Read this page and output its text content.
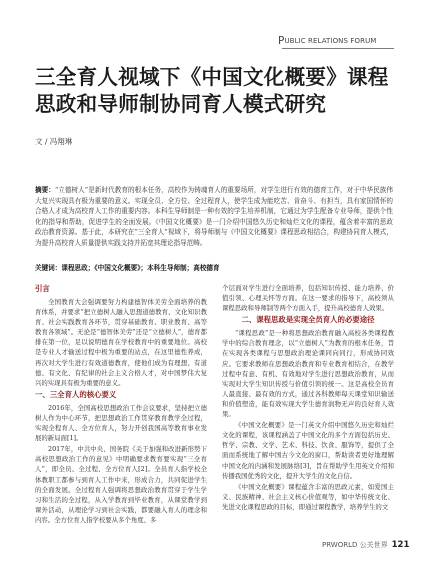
PUBLIC RELATIONS FORUM
三全育人视域下《中国文化概要》课程思政和导师制协同育人模式研究
文 / 冯翔琳

摘要：“立德树人”是新时代教育的根本任务，高校作为铸魂育人的重要场所，对学生进行有效的德育工作，对于中华民族伟大复兴实现具有极为重要的意义。实现全员、全方位、全过程育人，使学生成为能吃苦、肯奋斗、有担当，具有家国情怀的合格人才成为高校育人工作的重要内容。本科生导师制是一种有效的学生培养机制，它通过为学生配备专业导师，提供个性化的指导和帮助，促进学生的全面发展。《中国文化概要》是一门介绍中国悠久历史和灿烂文化的课程，蕴含着丰富的思政政治教育资源。基于此，本研究在“三全育人”视域下，将导师制与《中国文化概要》课程思政相结合，构建协同育人模式，为提升高校育人质量提供实践支持并拓宽其理论指导范畴。

关键词：课程思政；《中国文化概要》；本科生导师制；高校德育
引言

全国教育大会强调要努力构建德智体美劳全面培养的教育体系，并要求“把立德树人融入思想道德教育、文化知识教育、社会实践教育各环节，贯穿基础教育、职业教育、高等教育各领域”。无论是“德智体美劳”还是“立德树人”，德育都排在第一位，足以说明德育在学校教育中的重要地位。高校是专业人才输送过程中极为重要的站点，在这里德性养成，再次对大学生进行有效道德教育，使他们成为有理想、有道德、有文化、有纪律的社会主义合格人才，对中国梦伟大复兴的实现具有极为重要的意义。

一、三全育人的核心要义

2016年，全国高校思想政治工作会议要求，坚持把立德树人作为中心环节，把思想政治工作贯穿教育教学全过程，实现全程育人、全方位育人，努力开创我国高等教育事业发展的新局面[1]。

2017年，中共中央、国务院《关于加强和改进新形势下高校思想政治工作的意见》中明确要求教育要实现“三全育人”，即全员、全过程、全方位育人[2]。全员育人指学校全体教职工都参与到育人工作中来，形成合力，共同促进学生的全面发展。全过程育人强调将思想政治教育贯穿于学生学习和生活的全过程，从入学教育到毕业教育，从课堂教学到课外活动，从理论学习到社会实践，都要融入育人的理念和内容。全方位育人指学校要从多个角度、多

个层面对学生进行全面培养，包括知识传授、能力培养、价值引领、心理关怀等方面。在这一要求的指导下，高校须从课程思政和导师制等两个方面入手，提升高校德育人效果。

二、课程思政是实现全员育人的必要途径

“课程思政”是一种将思想政治教育融入高校各类课程教学中的综合教育理念，以“立德树人”为教育的根本任务，旨在实现各类课程与思想政治理论课同向同行，形成协同效应。它要求教师在思想政治教育和专业教育相结合，在教学过程中有意、有机、有效地对学生进行思想政治教育，从而实现对大学生知识传授与价值引领的统一。这是高校全员育人最直接、最有效的方式，通过各科教师每天课堂知识输送和价值塑造，能有效实现大学生德育润物无声的良好育人效果。

《中国文化概要》是一门英文介绍中国悠久历史和灿烂文化的课程，该课程涵盖了中国文化的多个方面包括历史、哲学、宗教、文学、艺术、科技、饮食、服饰等，提供了全面而系统地了解中国古今文化的窗口，帮助读者更好地理解中国文化的内涵和发展脉络[3]，旨在帮助学生用英文介绍和传播我国优秀的文化，提升大学生的文化自信。

《中国文化概要》课程蕴含丰富的思政元素，如爱国主义、民族精神、社会主义核心价值观等，如中华传统文化、先进文化课程思政的目标，即通过课程教学，培养学生的文

PRWORLD 公关世界 121
